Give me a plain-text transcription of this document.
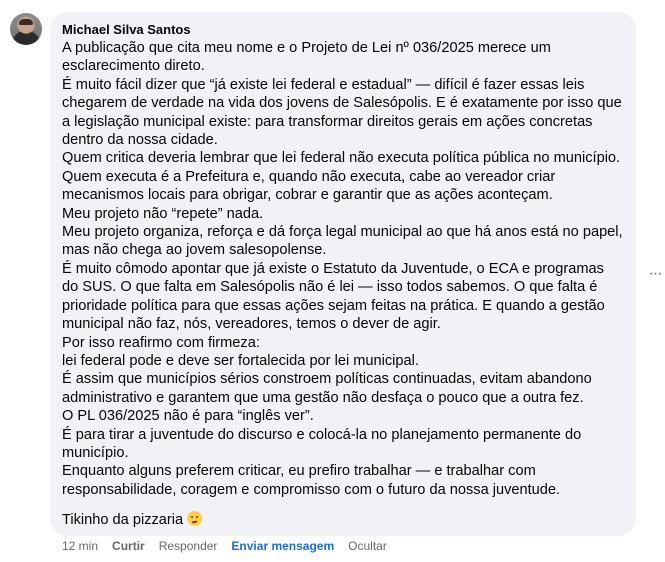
Michael Silva Santos

A publicação que cita meu nome e o Projeto de Lei nº 036/2025 merece um esclarecimento direto.

É muito fácil dizer que “já existe lei federal e estadual” — difícil é fazer essas leis chegarem de verdade na vida dos jovens de Salesópolis. E é exatamente por isso que a legislação municipal existe: para transformar direitos gerais em ações concretas dentro da nossa cidade.

Quem critica deveria lembrar que lei federal não executa política pública no município.

Quem executa é a Prefeitura e, quando não executa, cabe ao vereador criar mecanismos locais para obrigar, cobrar e garantir que as ações aconteçam.

Meu projeto não “repete” nada.

Meu projeto organiza, reforça e dá força legal municipal ao que há anos está no papel, mas não chega ao jovem salesopolense.

É muito cômodo apontar que já existe o Estatuto da Juventude, o ECA e programas do SUS. O que falta em Salesópolis não é lei — isso todos sabemos. O que falta é prioridade política para que essas ações sejam feitas na prática. E quando a gestão municipal não faz, nós, vereadores, temos o dever de agir.

Por isso reafirmo com firmeza:

lei federal pode e deve ser fortalecida por lei municipal.

É assim que municípios sérios constroem políticas continuadas, evitam abandono administrativo e garantem que uma gestão não desfaça o pouco que a outra fez.

O PL 036/2025 não é para “inglês ver”.

É para tirar a juventude do discurso e colocá-la no planejamento permanente do município.

Enquanto alguns preferem criticar, eu prefiro trabalhar — e trabalhar com responsabilidade, coragem e compromisso com o futuro da nossa juventude.

Tikinho da pizzaria

···
12 min Curtir Responder Enviar mensagem Ocultar
